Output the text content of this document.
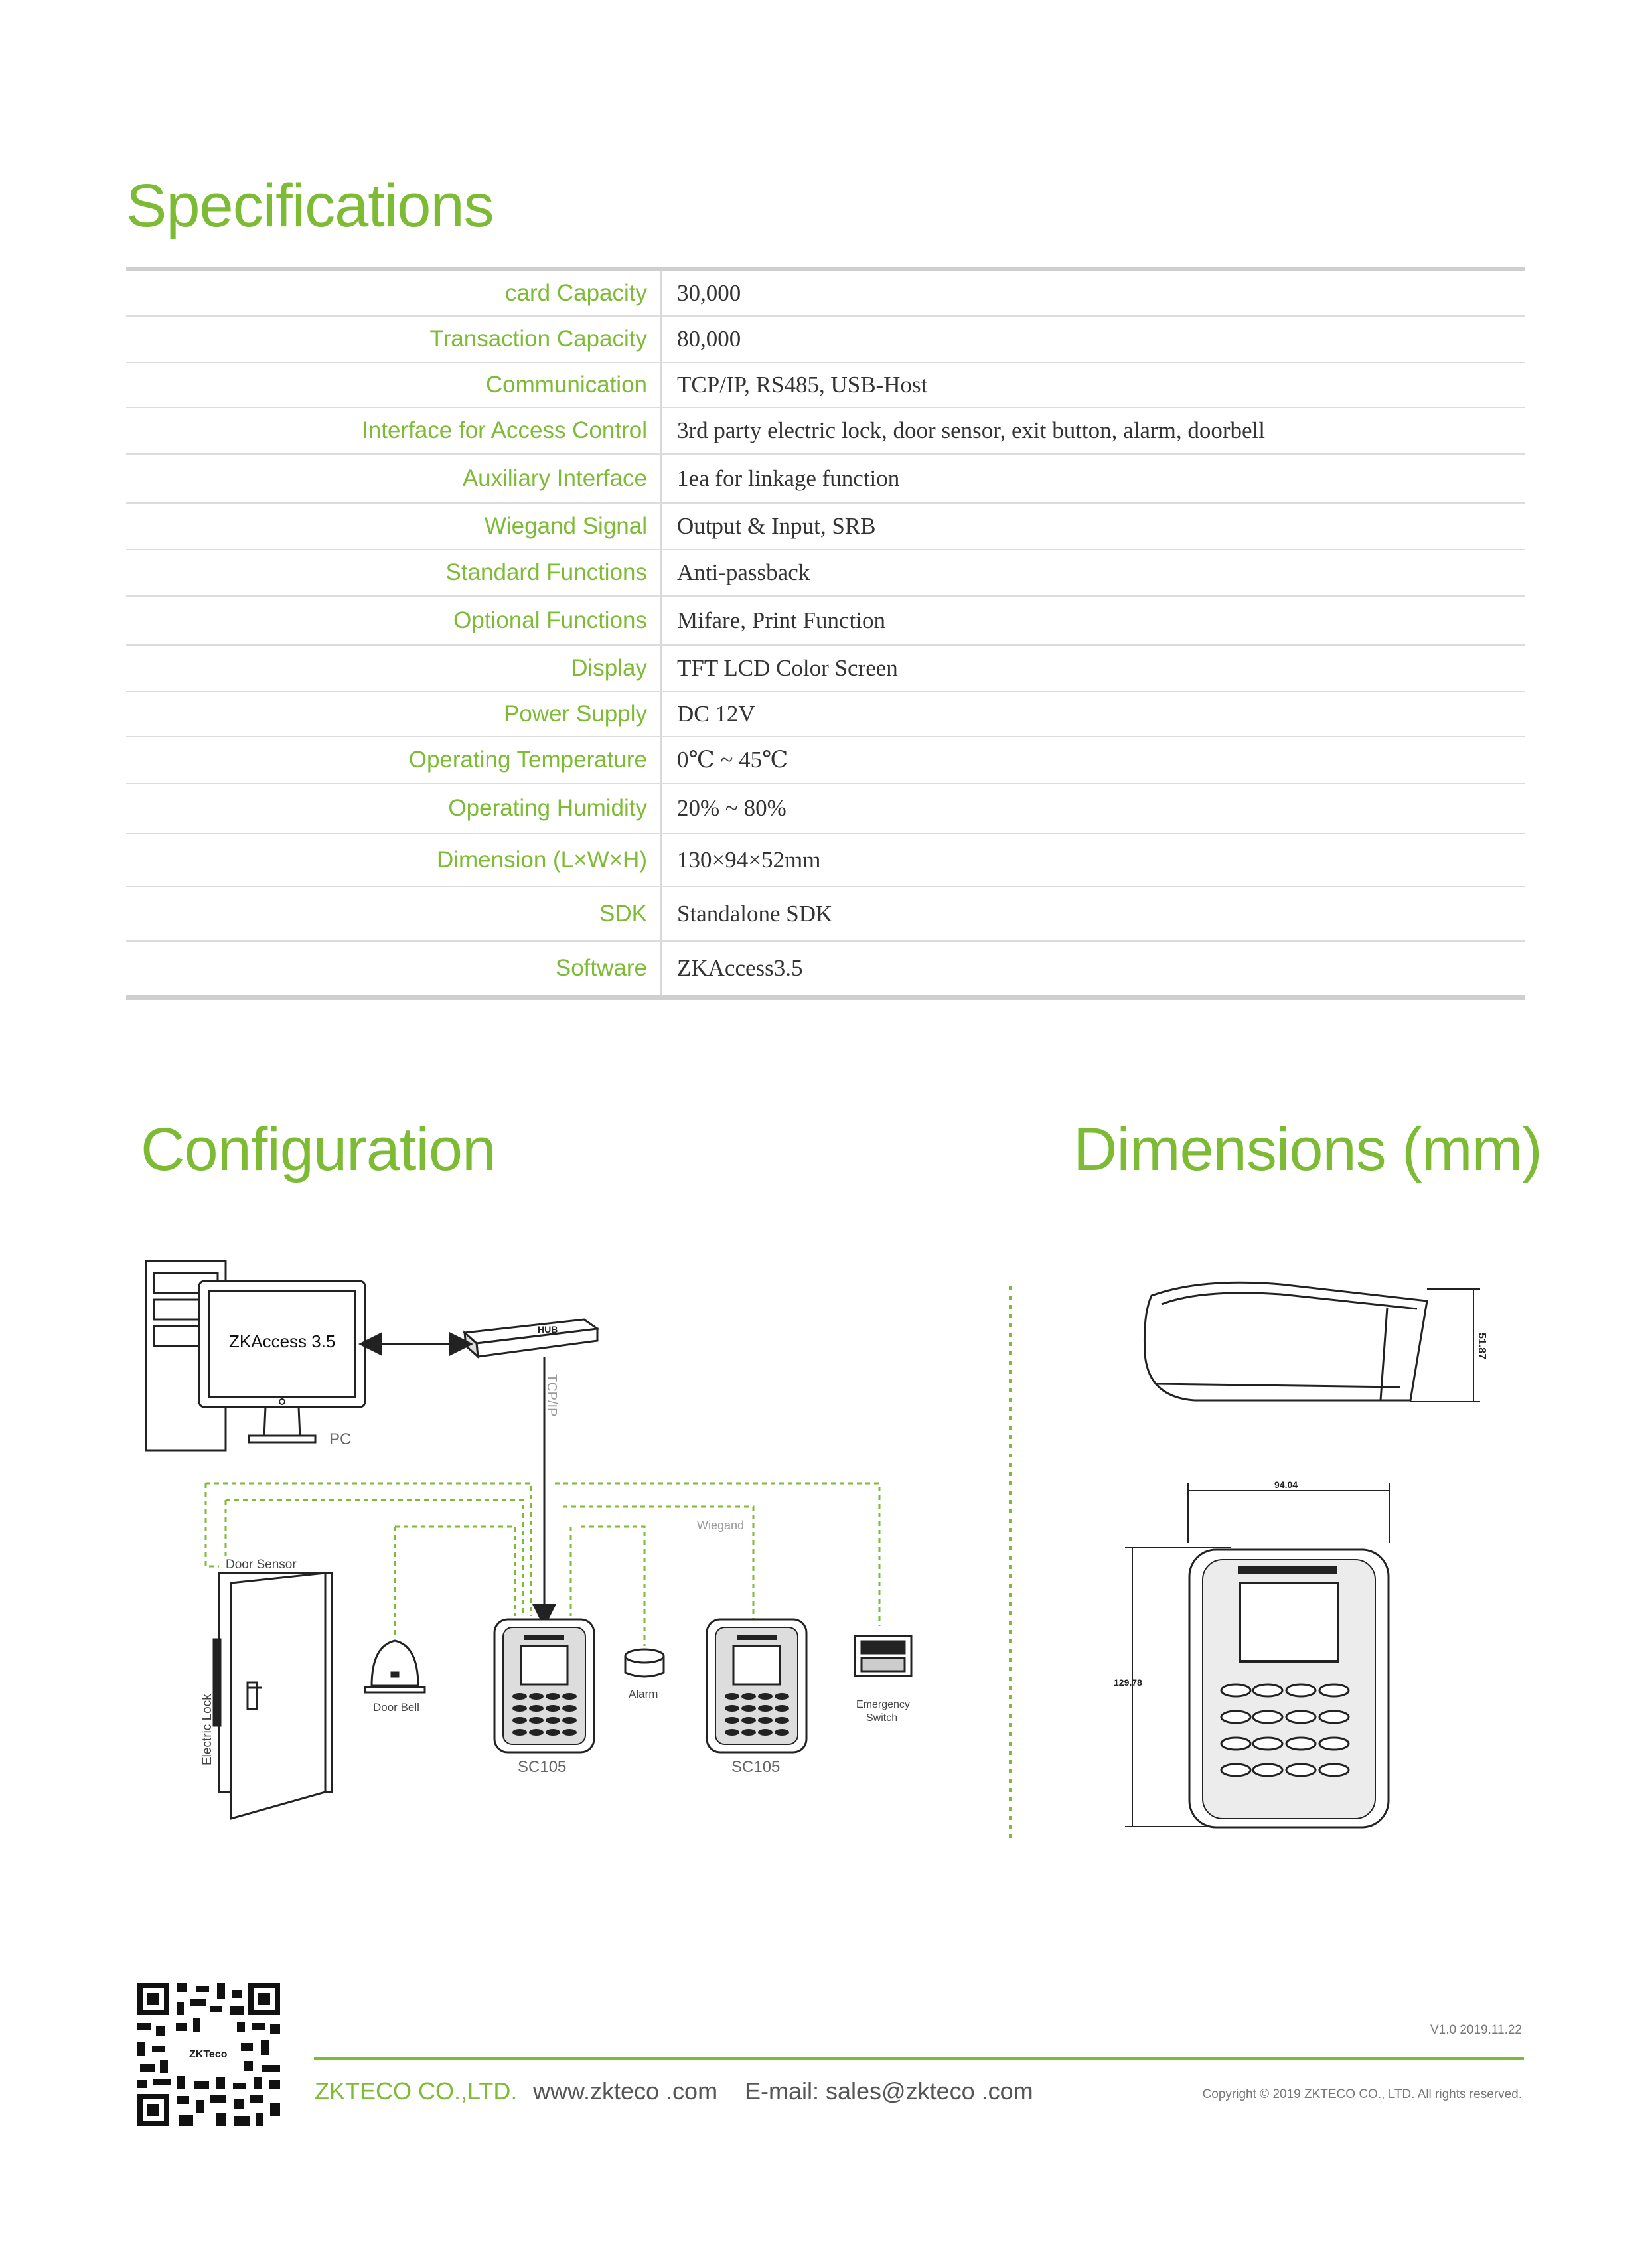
Specifications
card Capacity	30,000
Transaction Capacity	80,000
Communication	TCP/IP, RS485, USB-Host
Interface for Access Control	3rd party electric lock, door sensor, exit button, alarm, doorbell
Auxiliary Interface	1ea for linkage function
Wiegand Signal	Output & Input, SRB
Standard Functions	Anti-passback
Optional Functions	Mifare, Print Function
Display	TFT LCD Color Screen
Power Supply	DC 12V
Operating Temperature	0℃ ~ 45℃
Operating Humidity	20% ~ 80%
Dimension (L×W×H)	130×94×52mm
SDK	Standalone SDK
Software	ZKAccess3.5
Configuration	Dimensions (mm)
ZKAccess 3.5
PC
HUB
TCP/IP
Wiegand
Door Sensor
Electric Lock	Door Bell
SC105
Alarm
SC105
Emergency
Switch
51.87
94.04
129.78
ZKTeco
V1.0 2019.11.22
ZKTECO CO.,LTD. www.zkteco .com E-mail: sales@zkteco .com	Copyright © 2019 ZKTECO CO., LTD. All rights reserved.
